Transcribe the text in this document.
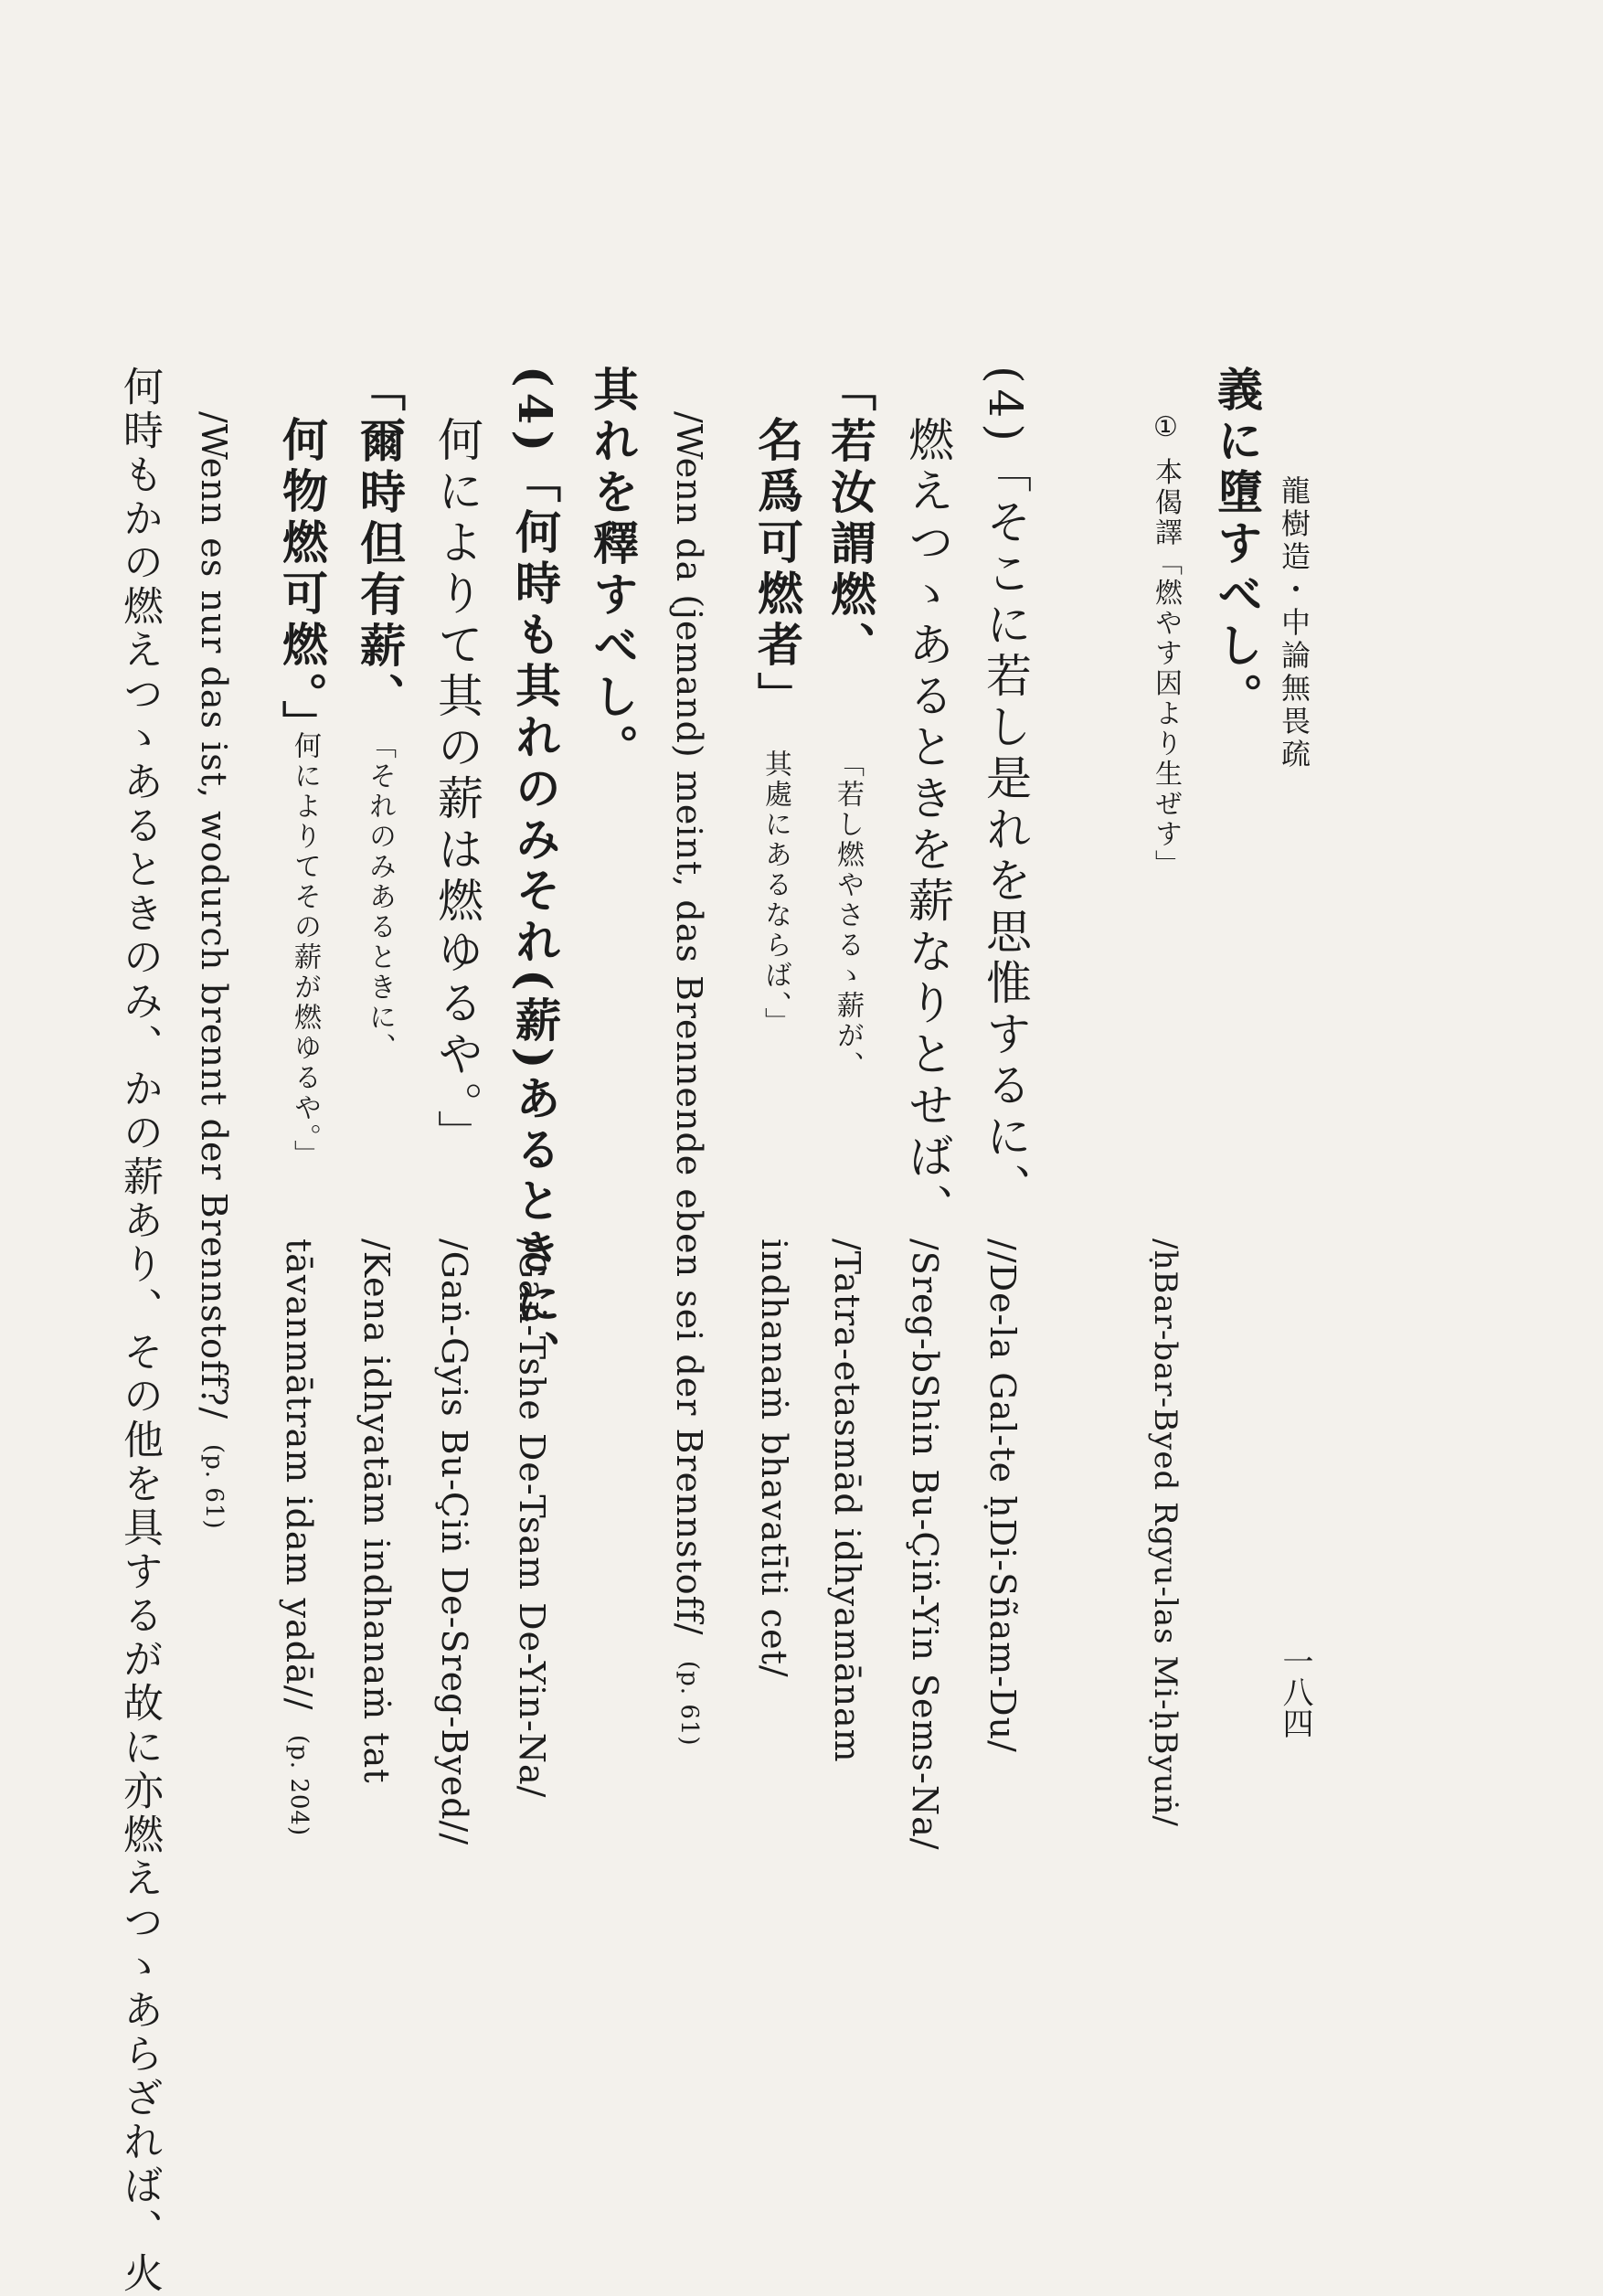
龍樹造・中論無畏疏
一八四
義に墮すべし。
① 本偈譯「燃やす因より生ぜす」
/ḥBar-bar-Byed Rgyu-las Mi-ḥByuṅ/
(4)「そこに若し是れを思惟するに、
//De-la Gal-te ḥDi-Sñam-Du/
燃えつゝあるときを薪なりとせば、
/Sreg-bShin Bu-Çiṅ-Yin Sems-Na/
「若汝謂燃、
「若し燃やさるゝ薪が、
/Tatra-etasmād idhyamānam
名爲可燃者」
其處にあるならば、」
indhanaṁ bhavatīti cet/
/Wenn da (jemand) meint, das Brennende eben sei der Brennstoff/ (p. 61)
其れを釋すべし。
(4)「何時も其れのみそれ(薪)あるときに、
/Gaṅ-Tshe De-Tsam De-Yin-Na/
何によりて其の薪は燃ゆるや。」
/Gaṅ-Gyis Bu-Çiṅ De-Sreg-Byed//
「爾時但有薪、
「それのみあるときに、
/Kena idhyatām indhanaṁ tat
何物燃可燃。」
何によりてその薪が燃ゆるや。」
tāvanmātram idam yadā// (p. 204)
/Wenn es nur das ist, wodurch brennt der Brennstoff?/ (p. 61)
何時もかの燃えつゝあるときのみ、かの薪あり、その他を具するが故に亦燃えつゝあらざれば、火
